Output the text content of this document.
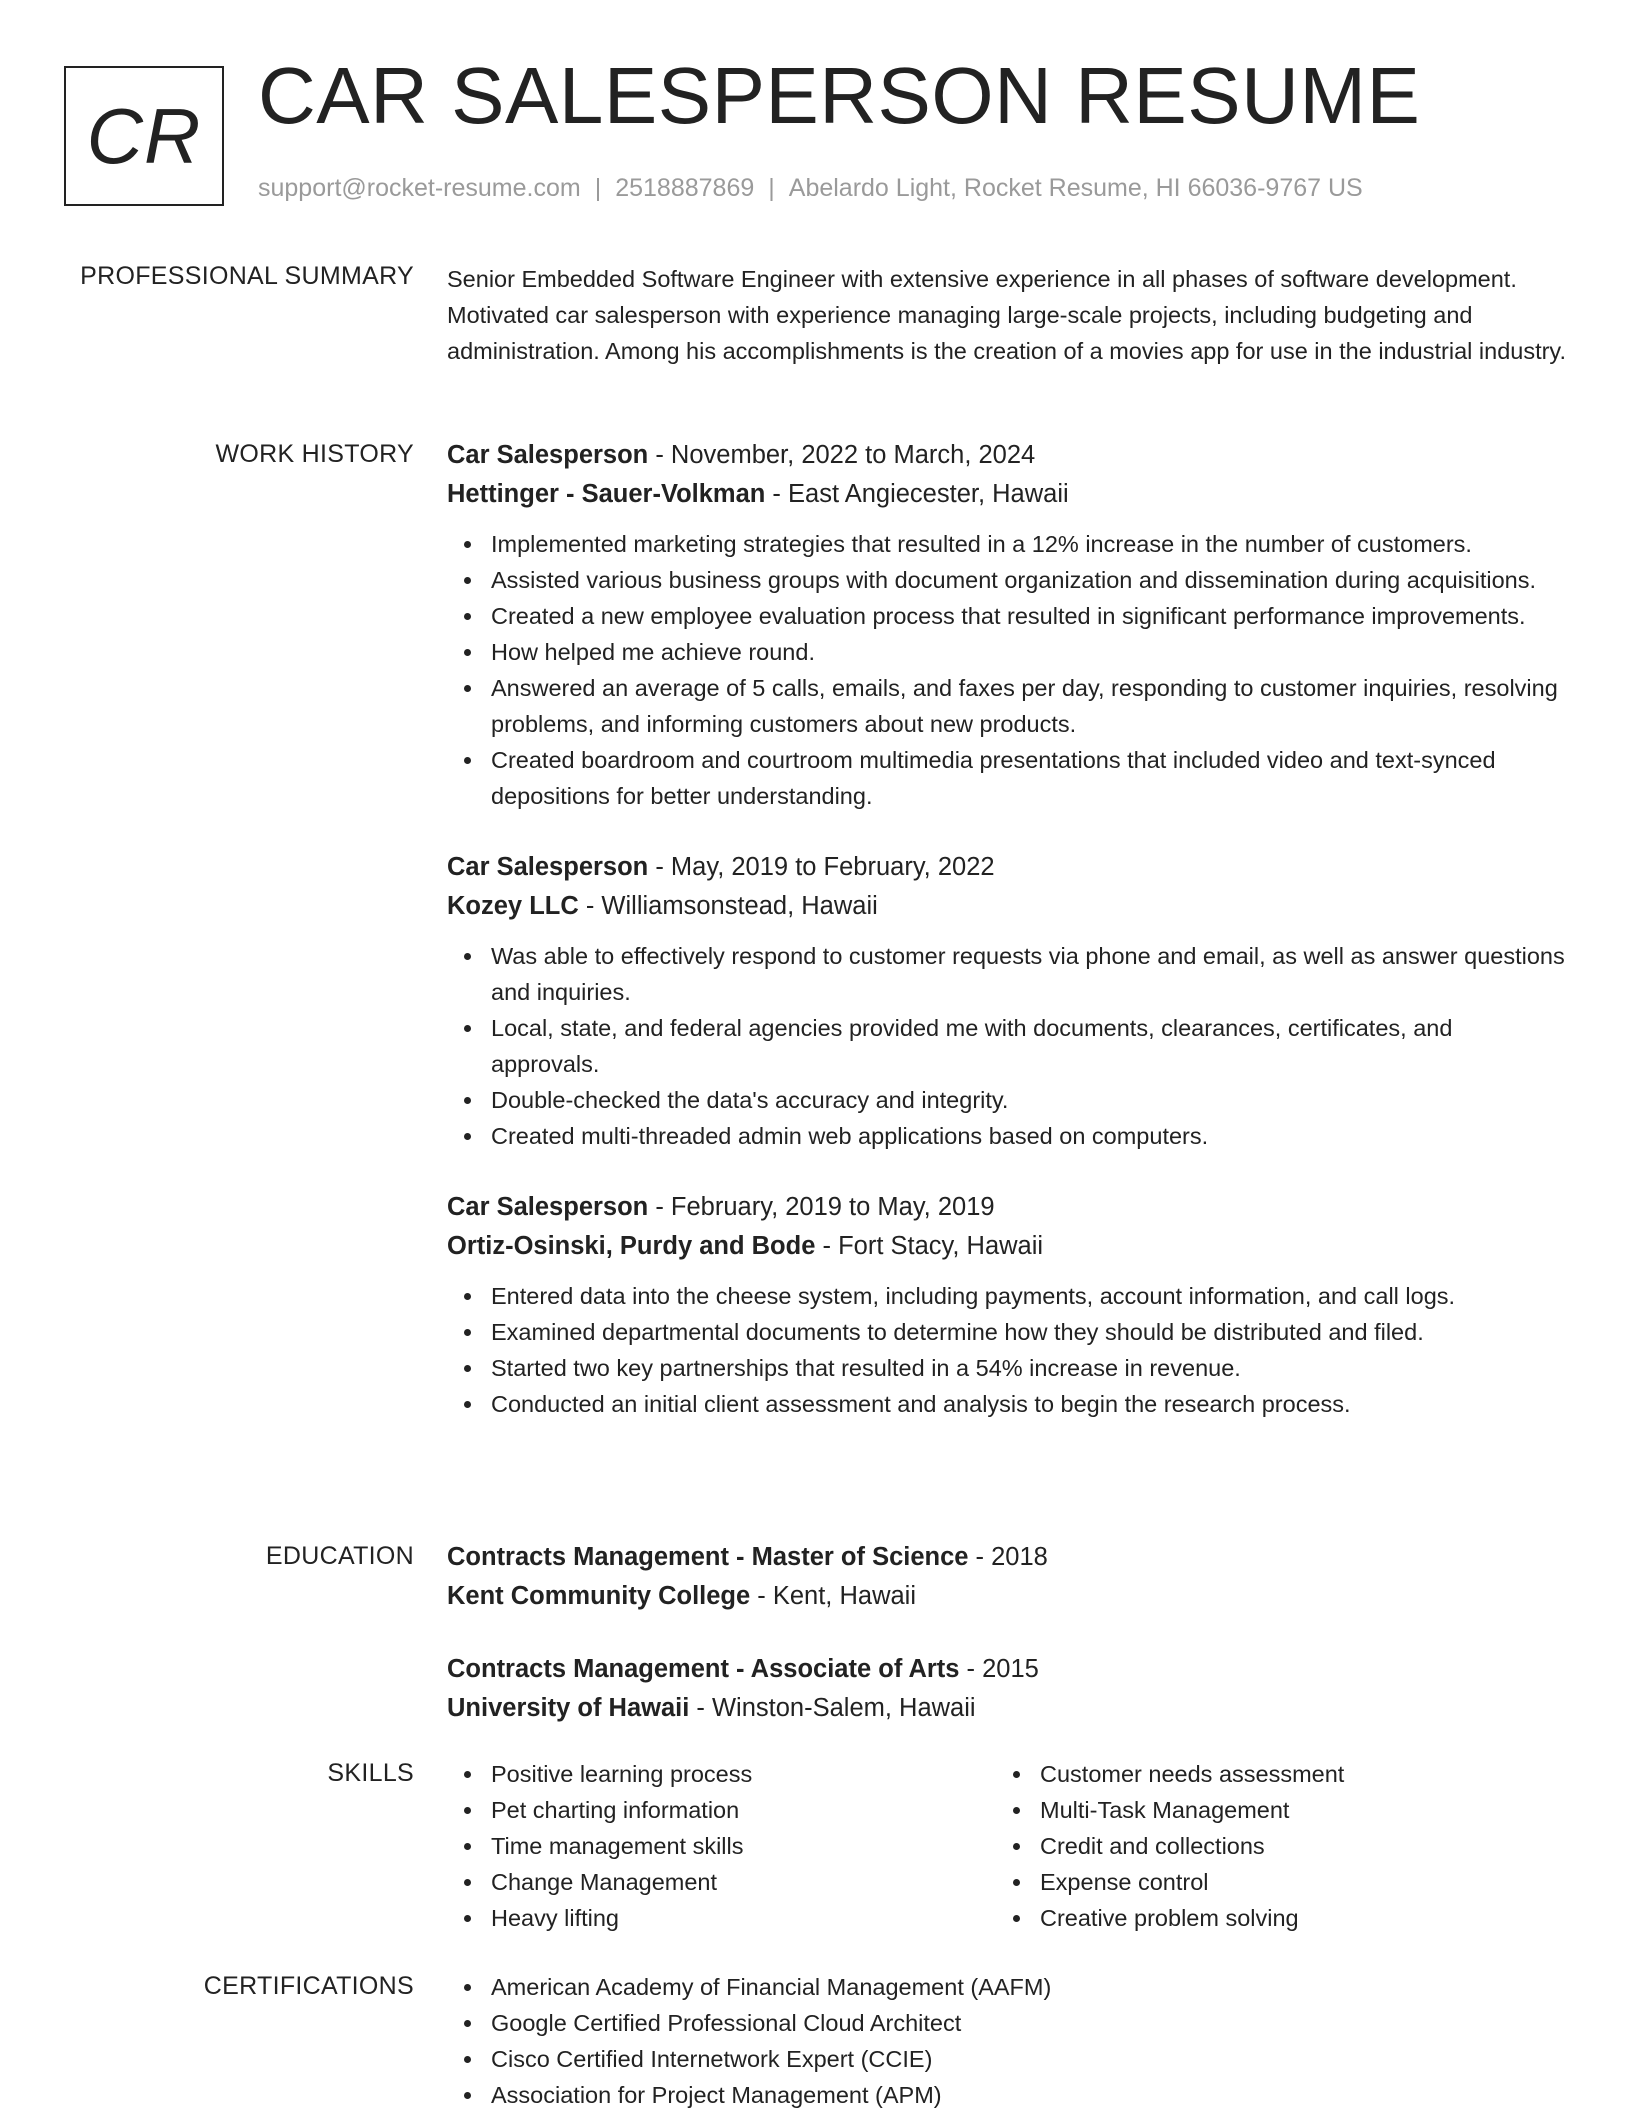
CR CAR SALESPERSON RESUME
support@rocket-resume.com | 2518887869 | Abelardo Light, Rocket Resume, HI 66036-9767 US
PROFESSIONAL SUMMARY Senior Embedded Software Engineer with extensive experience in all phases of software development. Motivated car salesperson with experience managing large-scale projects, including budgeting and administration. Among his accomplishments is the creation of a movies app for use in the industrial industry.

WORK HISTORY Car Salesperson - November, 2022 to March, 2024
Hettinger - Sauer-Volkman - East Angiecester, Hawaii
Implemented marketing strategies that resulted in a 12% increase in the number of customers.
Assisted various business groups with document organization and dissemination during acquisitions.
Created a new employee evaluation process that resulted in significant performance improvements.
How helped me achieve round.
Answered an average of 5 calls, emails, and faxes per day, responding to customer inquiries, resolving problems, and informing customers about new products.
Created boardroom and courtroom multimedia presentations that included video and text-synced depositions for better understanding.
Car Salesperson - May, 2019 to February, 2022
Kozey LLC - Williamsonstead, Hawaii
Was able to effectively respond to customer requests via phone and email, as well as answer questions and inquiries.
Local, state, and federal agencies provided me with documents, clearances, certificates, and approvals.
Double-checked the data's accuracy and integrity.
Created multi-threaded admin web applications based on computers.
Car Salesperson - February, 2019 to May, 2019
Ortiz-Osinski, Purdy and Bode - Fort Stacy, Hawaii
Entered data into the cheese system, including payments, account information, and call logs.
Examined departmental documents to determine how they should be distributed and filed.
Started two key partnerships that resulted in a 54% increase in revenue.
Conducted an initial client assessment and analysis to begin the research process.
EDUCATION Contracts Management - Master of Science - 2018
Kent Community College - Kent, Hawaii
Contracts Management - Associate of Arts - 2015
University of Hawaii - Winston-Salem, Hawaii
SKILLS	Positive learning process
Pet charting information
Time management skills
Change Management
Heavy lifting
Customer needs assessment
Multi-Task Management
Credit and collections
Expense control
Creative problem solving
CERTIFICATIONS	American Academy of Financial Management (AAFM)
Google Certified Professional Cloud Architect
Cisco Certified Internetwork Expert (CCIE)
Association for Project Management (APM)
